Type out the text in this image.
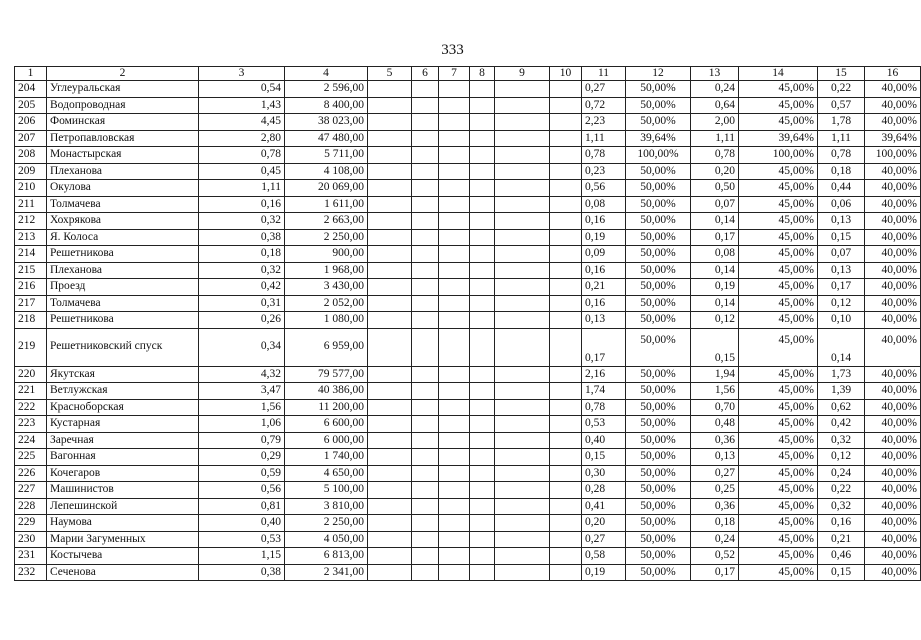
333
1	2	3	4	5	6	7	8	9	10	11	12	13	14	15	16
204	Углеуральская	0,54	2 596,00							0,27	50,00%	0,24	45,00%	0,22	40,00%
205	Водопроводная	1,43	8 400,00							0,72	50,00%	0,64	45,00%	0,57	40,00%
206	Фоминская	4,45	38 023,00							2,23	50,00%	2,00	45,00%	1,78	40,00%
207	Петропавловская	2,80	47 480,00							1,11	39,64%	1,11	39,64%	1,11	39,64%
208	Монастырская	0,78	5 711,00							0,78	100,00%	0,78	100,00%	0,78	100,00%
209	Плеханова	0,45	4 108,00							0,23	50,00%	0,20	45,00%	0,18	40,00%
210	Окулова	1,11	20 069,00							0,56	50,00%	0,50	45,00%	0,44	40,00%
211	Толмачева	0,16	1 611,00							0,08	50,00%	0,07	45,00%	0,06	40,00%
212	Хохрякова	0,32	2 663,00							0,16	50,00%	0,14	45,00%	0,13	40,00%
213	Я. Колоса	0,38	2 250,00							0,19	50,00%	0,17	45,00%	0,15	40,00%
214	Решетникова	0,18	900,00							0,09	50,00%	0,08	45,00%	0,07	40,00%
215	Плеханова	0,32	1 968,00							0,16	50,00%	0,14	45,00%	0,13	40,00%
216	Проезд	0,42	3 430,00							0,21	50,00%	0,19	45,00%	0,17	40,00%
217	Толмачева	0,31	2 052,00							0,16	50,00%	0,14	45,00%	0,12	40,00%
218	Решетникова	0,26	1 080,00							0,13	50,00%	0,12	45,00%	0,10	40,00%
219	Решетниковский спуск	0,34	6 959,00							0,17	50,00%	0,15	45,00%	0,14	40,00%
220	Якутская	4,32	79 577,00							2,16	50,00%	1,94	45,00%	1,73	40,00%
221	Ветлужская	3,47	40 386,00							1,74	50,00%	1,56	45,00%	1,39	40,00%
222	Красноборская	1,56	11 200,00							0,78	50,00%	0,70	45,00%	0,62	40,00%
223	Кустарная	1,06	6 600,00							0,53	50,00%	0,48	45,00%	0,42	40,00%
224	Заречная	0,79	6 000,00							0,40	50,00%	0,36	45,00%	0,32	40,00%
225	Вагонная	0,29	1 740,00							0,15	50,00%	0,13	45,00%	0,12	40,00%
226	Кочегаров	0,59	4 650,00							0,30	50,00%	0,27	45,00%	0,24	40,00%
227	Машинистов	0,56	5 100,00							0,28	50,00%	0,25	45,00%	0,22	40,00%
228	Лепешинской	0,81	3 810,00							0,41	50,00%	0,36	45,00%	0,32	40,00%
229	Наумова	0,40	2 250,00							0,20	50,00%	0,18	45,00%	0,16	40,00%
230	Марии Загуменных	0,53	4 050,00							0,27	50,00%	0,24	45,00%	0,21	40,00%
231	Костычева	1,15	6 813,00							0,58	50,00%	0,52	45,00%	0,46	40,00%
232	Сеченова	0,38	2 341,00							0,19	50,00%	0,17	45,00%	0,15	40,00%
